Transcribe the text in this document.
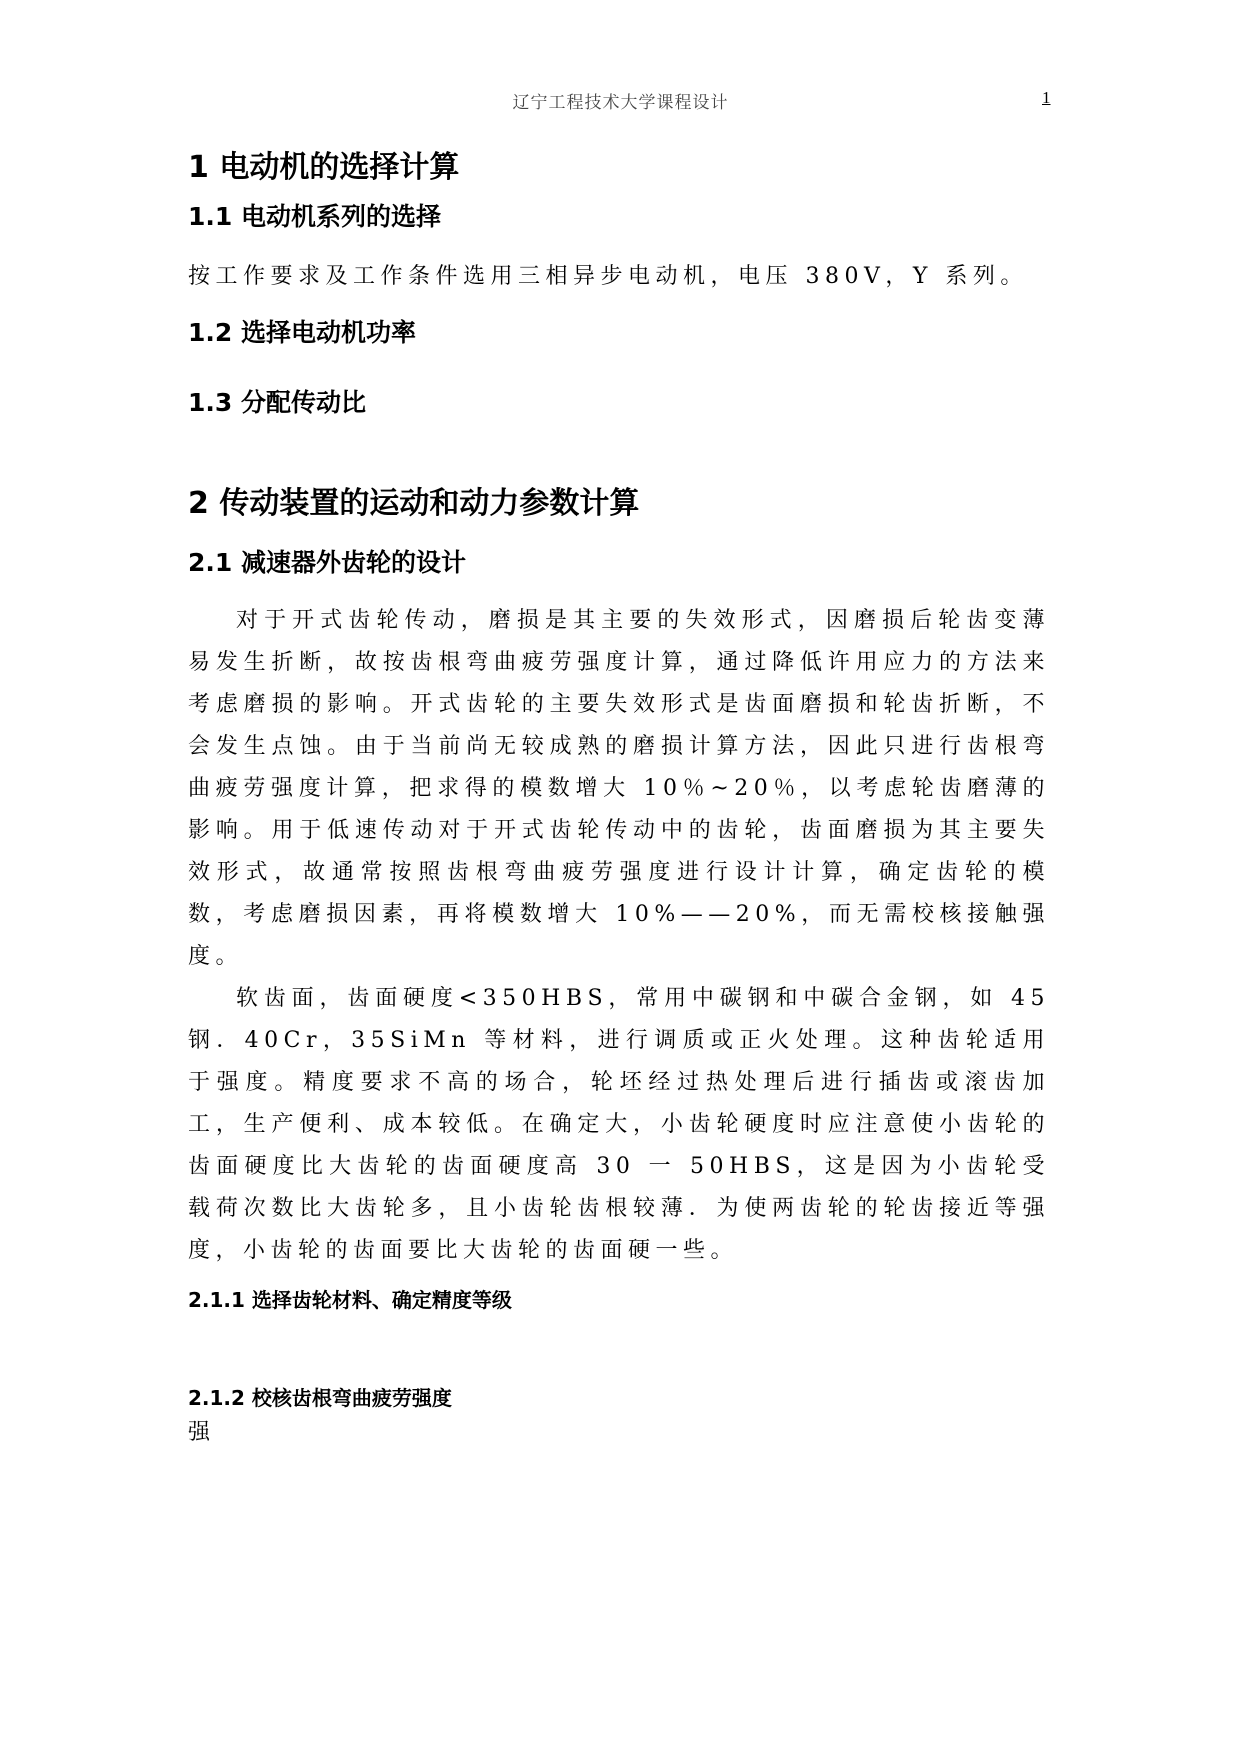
辽宁工程技术大学课程设计	1
1 电动机的选择计算
1.1 电动机系列的选择

按工作要求及工作条件选用三相异步电动机，电压 380V，Y 系列。

1.2 选择电动机功率
1.3 分配传动比
2 传动装置的运动和动力参数计算
2.1 减速器外齿轮的设计

对于开式齿轮传动，磨损是其主要的失效形式，因磨损后轮齿变薄易发生折断，故按齿根弯曲疲劳强度计算，通过降低许用应力的方法来考虑磨损的影响。开式齿轮的主要失效形式是齿面磨损和轮齿折断，不会发生点蚀。由于当前尚无较成熟的磨损计算方法，因此只进行齿根弯曲疲劳强度计算，把求得的模数增大 10％~20％，以考虑轮齿磨薄的影响。用于低速传动对于开式齿轮传动中的齿轮，齿面磨损为其主要失效形式，故通常按照齿根弯曲疲劳强度进行设计计算，确定齿轮的模数，考虑磨损因素，再将模数增大 10%——20%，而无需校核接触强度。

软齿面，齿面硬度<350HBS，常用中碳钢和中碳合金钢，如 45 钢．40Cr，35SiMn 等材料，进行调质或正火处理。这种齿轮适用于强度。精度要求不高的场合，轮坯经过热处理后进行插齿或滚齿加工，生产便利、成本较低。在确定大，小齿轮硬度时应注意使小齿轮的齿面硬度比大齿轮的齿面硬度高 30 一 50HBS，这是因为小齿轮受载荷次数比大齿轮多，且小齿轮齿根较薄．为使两齿轮的轮齿接近等强度，小齿轮的齿面要比大齿轮的齿面硬一些。

2.1.1 选择齿轮材料、确定精度等级
2.1.2 校核齿根弯曲疲劳强度
强
